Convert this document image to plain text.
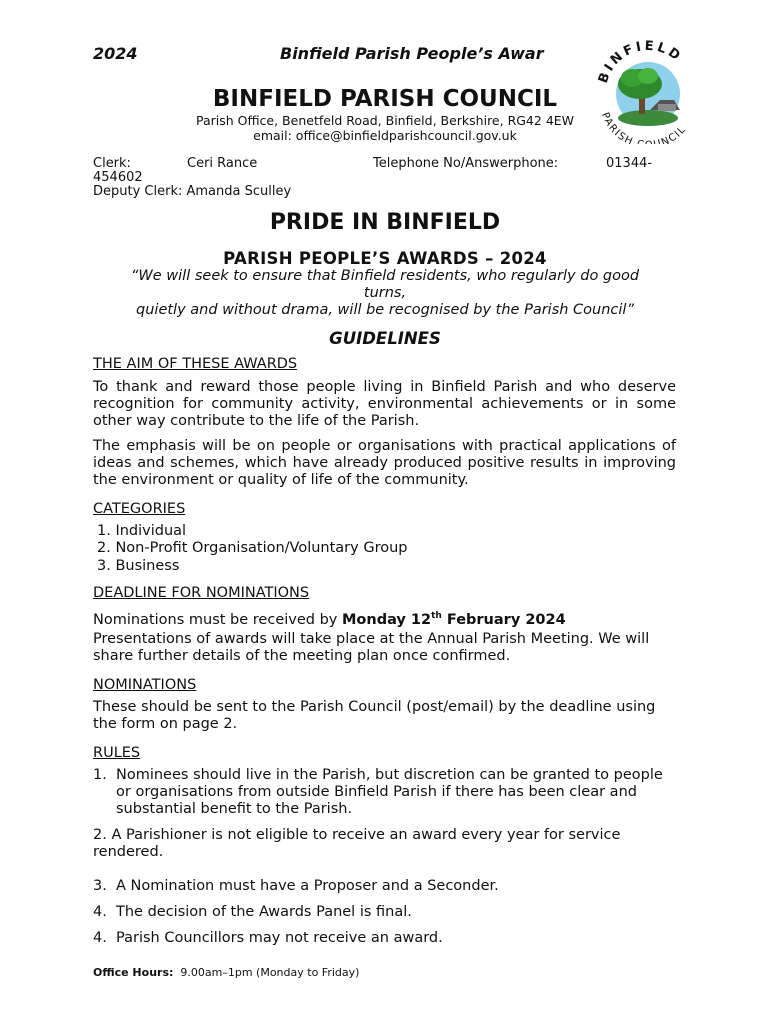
2024	Binfield Parish People’s Awar
BINFIELD
PARISH NCIL
BINFIELD PARISH COUNCIL
Parish Office, Benetfeld Road, Binfield, Berkshire, RG42 4EW
email: office@binfieldparishcouncil.gov.uk
Clerk:	Ceri Rance	Telephone No/Answerphone:	01344-
454602
Deputy Clerk: Amanda Sculley
PRIDE IN BINFIELD
PARISH PEOPLE’S AWARDS – 2024
“We will seek to ensure that Binfield residents, who regularly do good
turns,
quietly and without drama, will be recognised by the Parish Council”
GUIDELINES
THE AIM OF THESE AWARDS
To thank and reward those people living in Binfield Parish and who deserve recognition for community activity, environmental achievements or in some other way contribute to the life of the Parish.
The emphasis will be on people or organisations with practical applications of ideas and schemes, which have already produced positive results in improving the environment or quality of life of the community.
CATEGORIES
1. Individual
2. Non-Profit Organisation/Voluntary Group
3. Business
DEADLINE FOR NOMINATIONS
Nominations must be received by Monday 12th February 2024
Presentations of awards will take place at the Annual Parish Meeting. We will share further details of the meeting plan once confirmed.
NOMINATIONS
These should be sent to the Parish Council (post/email) by the deadline using the form on page 2.
RULES
1. Nominees should live in the Parish, but discretion can be granted to people or organisations from outside Binfield Parish if there has been clear and substantial benefit to the Parish.
2. A Parishioner is not eligible to receive an award every year for service rendered.
3. A Nomination must have a Proposer and a Seconder.
4. The decision of the Awards Panel is final.
4. Parish Councillors may not receive an award.
Office Hours: 9.00am–1pm (Monday to Friday)
